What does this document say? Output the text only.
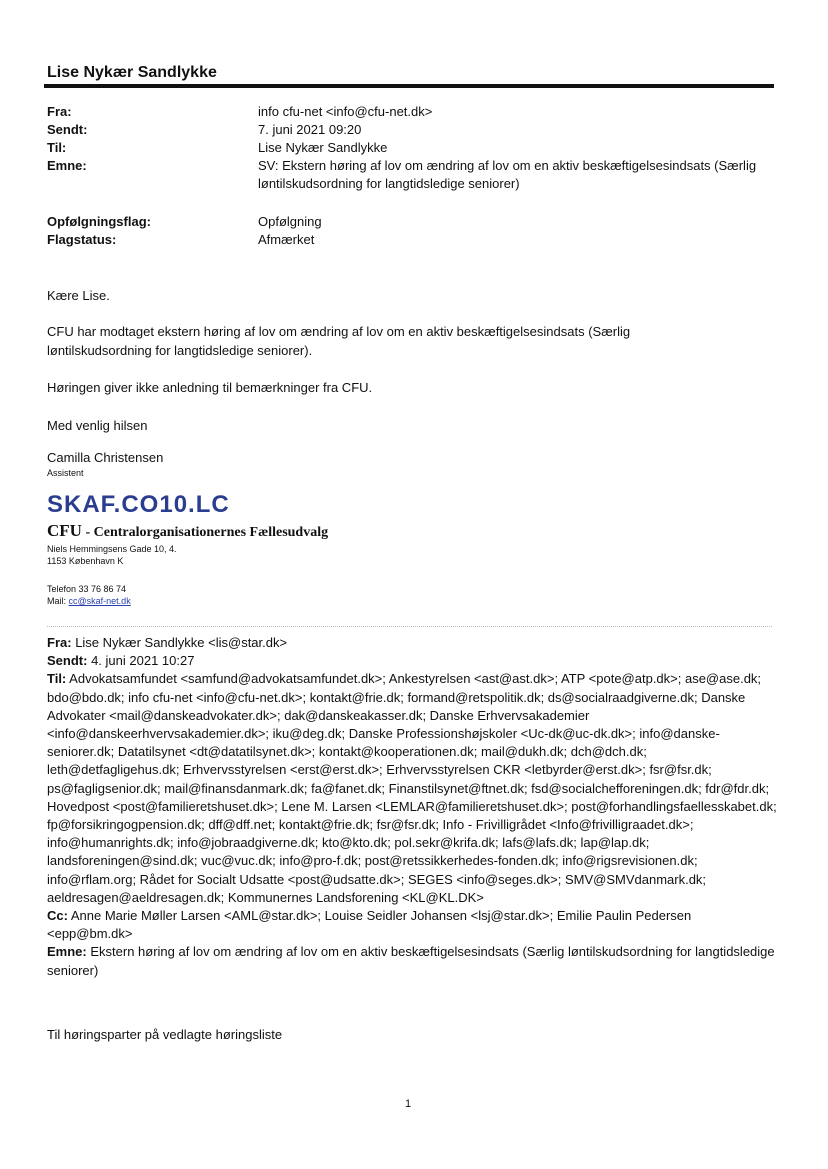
Lise Nykær Sandlykke
Fra:	info cfu-net <info@cfu-net.dk>
Sendt:	7. juni 2021 09:20
Til:	Lise Nykær Sandlykke
Emne:	SV: Ekstern høring af lov om ændring af lov om en aktiv beskæftigelsesindsats (Særlig løntilskudsordning for langtidsledige seniorer)
Opfølgningsflag:	Opfølgning
Flagstatus:	Afmærket
Kære Lise.
CFU har modtaget ekstern høring af lov om ændring af lov om en aktiv beskæftigelsesindsats (Særlig løntilskudsordning for langtidsledige seniorer).
Høringen giver ikke anledning til bemærkninger fra CFU.
Med venlig hilsen
Camilla Christensen
Assistent
SKAF.CO10.LC
CFU - Centralorganisationernes Fællesudvalg
Niels Hemmingsens Gade 10, 4.
1153 København K
Telefon 33 76 86 74
Mail: cc@skaf-net.dk
Fra: Lise Nykær Sandlykke <lis@star.dk>
Sendt: 4. juni 2021 10:27
Til: Advokatsamfundet <samfund@advokatsamfundet.dk>; Ankestyrelsen <ast@ast.dk>; ATP <pote@atp.dk>; ase@ase.dk; bdo@bdo.dk; info cfu-net <info@cfu-net.dk>; kontakt@frie.dk; formand@retspolitik.dk; ds@socialraadgiverne.dk; Danske Advokater <mail@danskeadvokater.dk>; dak@danskeakasser.dk; Danske Erhvervsakademier <info@danskeerhvervsakademier.dk>; iku@deg.dk; Danske Professionshøjskoler <Uc-dk@uc-dk.dk>; info@danske-seniorer.dk; Datatilsynet <dt@datatilsynet.dk>; kontakt@kooperationen.dk; mail@dukh.dk; dch@dch.dk; leth@detfagligehus.dk; Erhvervsstyrelsen <erst@erst.dk>; Erhvervsstyrelsen CKR <letbyrder@erst.dk>; fsr@fsr.dk; ps@fagligsenior.dk; mail@finansdanmark.dk; fa@fanet.dk; Finanstilsynet@ftnet.dk; fsd@socialchefforeningen.dk; fdr@fdr.dk; Hovedpost <post@familieretshuset.dk>; Lene M. Larsen <LEMLAR@familieretshuset.dk>; post@forhandlingsfaellesskabet.dk; fp@forsikringogpension.dk; dff@dff.net; kontakt@frie.dk; fsr@fsr.dk; Info - Frivilligrådet <Info@frivilligraadet.dk>; info@humanrights.dk; info@jobraadgiverne.dk; kto@kto.dk; pol.sekr@krifa.dk; lafs@lafs.dk; lap@lap.dk; landsforeningen@sind.dk; vuc@vuc.dk; info@pro-f.dk; post@retssikkerhedes-fonden.dk; info@rigsrevisionen.dk; info@rflam.org; Rådet for Socialt Udsatte <post@udsatte.dk>; SEGES <info@seges.dk>; SMV@SMVdanmark.dk; aeldresagen@aeldresagen.dk; Kommunernes Landsforening <KL@KL.DK>
Cc: Anne Marie Møller Larsen <AML@star.dk>; Louise Seidler Johansen <lsj@star.dk>; Emilie Paulin Pedersen <epp@bm.dk>
Emne: Ekstern høring af lov om ændring af lov om en aktiv beskæftigelsesindsats (Særlig løntilskudsordning for langtidsledige seniorer)
Til høringsparter på vedlagte høringsliste
1
